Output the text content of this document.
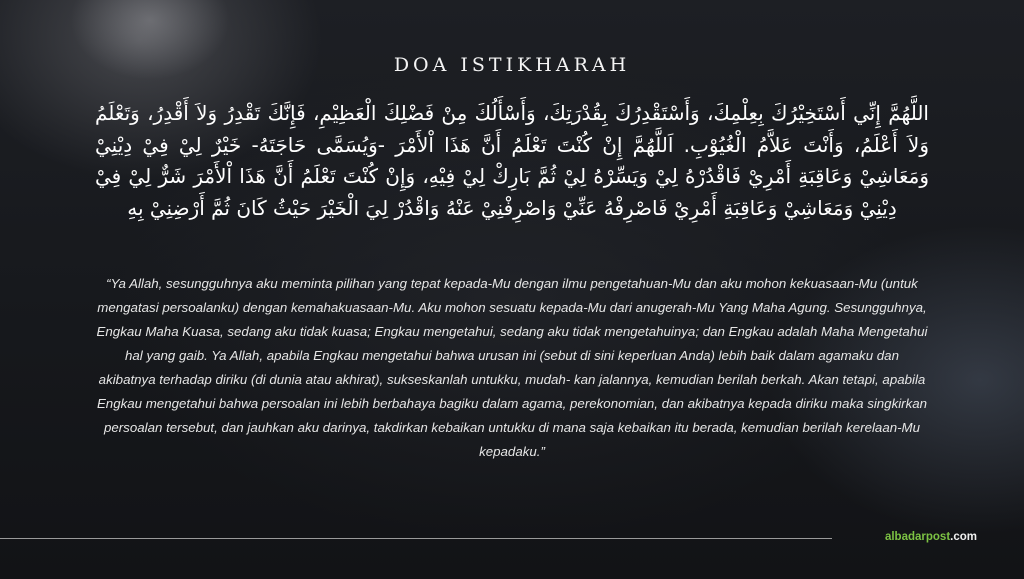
DOA ISTIKHARAH
اللَّهُمَّ إِنِّي أَسْتَخِيْرُكَ بِعِلْمِكَ، وَأَسْتَقْدِرُكَ بِقُدْرَتِكَ، وَأَسْأَلُكَ مِنْ فَضْلِكَ الْعَظِيْمِ، فَإِنَّكَ تَقْدِرُ وَلاَ أَقْدِرُ، وَتَعْلَمُ وَلاَ أَعْلَمُ، وَأَنْتَ عَلاَّمُ الْغُيُوْبِ. اَللَّهُمَّ إِنْ كُنْتَ تَعْلَمُ أَنَّ هَذَا اْلأَمْرَ -وَيُسَمَّى حَاجَتَهُ- خَيْرٌ لِيْ فِيْ دِيْنِيْ وَمَعَاشِيْ وَعَاقِبَةِ أَمْرِيْ فَاقْدُرْهُ لِيْ وَيَسِّرْهُ لِيْ ثُمَّ بَارِكْ لِيْ فِيْهِ، وَإِنْ كُنْتَ تَعْلَمُ أَنَّ هَذَا اْلأَمْرَ شَرٌّ لِيْ فِيْ دِيْنِيْ وَمَعَاشِيْ وَعَاقِبَةِ أَمْرِيْ فَاصْرِفْهُ عَنِّيْ وَاصْرِفْنِيْ عَنْهُ وَاقْدُرْ لِيَ الْخَيْرَ حَيْثُ كَانَ ثُمَّ أَرْضِنِيْ بِهِ
“Ya Allah, sesungguhnya aku meminta pilihan yang tepat kepada-Mu dengan ilmu pengetahuan-Mu dan aku mohon kekuasaan-Mu (untuk mengatasi persoalanku) dengan kemahakuasaan-Mu. Aku mohon sesuatu kepada-Mu dari anugerah-Mu Yang Maha Agung. Sesungguhnya, Engkau Maha Kuasa, sedang aku tidak kuasa; Engkau mengetahui, sedang aku tidak mengetahuinya; dan Engkau adalah Maha Mengetahui hal yang gaib. Ya Allah, apabila Engkau mengetahui bahwa urusan ini (sebut di sini keperluan Anda) lebih baik dalam agamaku dan akibatnya terhadap diriku (di dunia atau akhirat), sukseskanlah untukku, mudah- kan jalannya, kemudian berilah berkah. Akan tetapi, apabila Engkau mengetahui bahwa persoalan ini lebih berbahaya bagiku dalam agama, perekonomian, dan akibatnya kepada diriku maka singkirkan persoalan tersebut, dan jauhkan aku darinya, takdirkan kebaikan untukku di mana saja kebaikan itu berada, kemudian berilah kerelaan-Mu kepadaku.”
albadarpost.com
